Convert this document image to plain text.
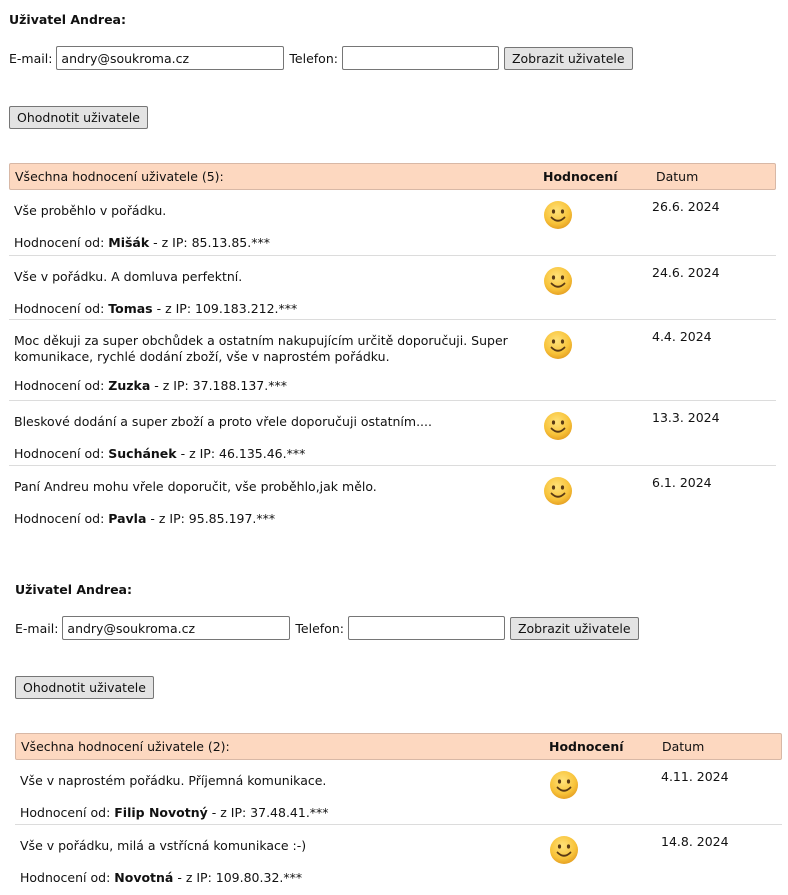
Uživatel Andrea:
E-mail:
andry@soukroma.cz	Telefon:	Zobrazit uživatele
Ohodnotit uživatele
Všechna hodnocení uživatele (5):	Hodnocení	Datum
Vše proběhlo v pořádku.
Hodnocení od: Mišák - z IP: 85.13.85.***
26.6. 2024
Vše v pořádku. A domluva perfektní.
Hodnocení od: Tomas - z IP: 109.183.212.***
24.6. 2024
Moc děkuji za super obchůdek a ostatním nakupujícím určitě doporučuji. Super komunikace, rychlé dodání zboží, vše v naprostém pořádku.
Hodnocení od: Zuzka - z IP: 37.188.137.***
4.4. 2024
Bleskové dodání a super zboží a proto vřele doporučuji ostatním....
Hodnocení od: Suchánek - z IP: 46.135.46.***
13.3. 2024
Paní Andreu mohu vřele doporučit, vše proběhlo,jak mělo.
Hodnocení od: Pavla - z IP: 95.85.197.***
6.1. 2024
Uživatel Andrea:
E-mail:
andry@soukroma.cz	Telefon:	Zobrazit uživatele
Ohodnotit uživatele
Všechna hodnocení uživatele (2):	Hodnocení	Datum
Vše v naprostém pořádku. Příjemná komunikace.
Hodnocení od: Filip Novotný - z IP: 37.48.41.***
4.11. 2024
Vše v pořádku, milá a vstřícná komunikace :-)
Hodnocení od: Novotná - z IP: 109.80.32.***
14.8. 2024
